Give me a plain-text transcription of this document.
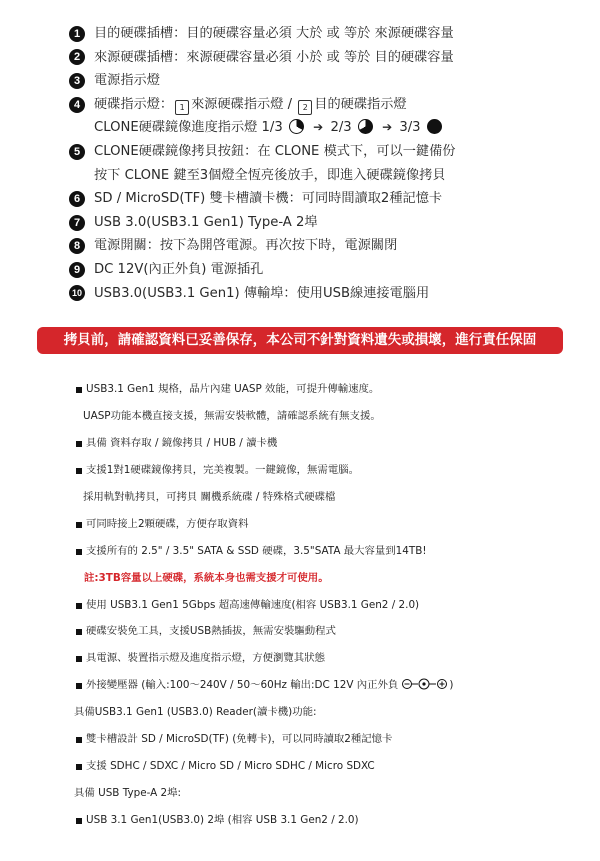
1	目的硬碟插槽：目的硬碟容量必須 大於 或 等於 來源硬碟容量
2	來源硬碟插槽：來源硬碟容量必須 小於 或 等於 目的硬碟容量
3	電源指示燈
4	硬碟指示燈： 1 來源硬碟指示燈 / 2 目的硬碟指示燈
CLONE硬碟鏡像進度指示燈 1/3	➔ 2/3	➔ 3/3
5	CLONE硬碟鏡像拷貝按鈕：在 CLONE 模式下，可以一鍵備份
按下 CLONE 鍵至3個燈全恆亮後放手，即進入硬碟鏡像拷貝
6	SD / MicroSD(TF) 雙卡槽讀卡機：可同時間讀取2種記憶卡
7	USB 3.0(USB3.1 Gen1) Type-A 2埠
8	電源開關：按下為開啓電源。再次按下時，電源關閉
9	DC 12V(內正外負) 電源插孔
10 USB3.0(USB3.1 Gen1) 傳輸埠：使用USB線連接電腦用
拷貝前，請確認資料已妥善保存，本公司不針對資料遺失或損壞，進行責任保固
USB3.1 Gen1 規格，晶片內建 UASP 效能，可提升傳輸速度。
UASP功能本機直接支援，無需安裝軟體，請確認系統有無支援。
具備 資料存取 / 鏡像拷貝 / HUB / 讀卡機
支援1對1硬碟鏡像拷貝，完美複製。一鍵鏡像，無需電腦。
採用軌對軌拷貝，可拷貝 關機系統碟 / 特殊格式硬碟檔
可同時接上2顆硬碟，方便存取資料
支援所有的 2.5" / 3.5" SATA & SSD 硬碟，3.5"SATA 最大容量到14TB!
註:3TB容量以上硬碟，系統本身也需支援才可使用。
使用 USB3.1 Gen1 5Gbps 超高速傳輸速度(相容 USB3.1 Gen2 / 2.0)
硬碟安裝免工具，支援USB熱插拔，無需安裝驅動程式
具電源、裝置指示燈及進度指示燈，方便瀏覽其狀態
外接變壓器 (輸入:100～240V / 50～60Hz 輸出:DC 12V 內正外負	)
具備USB3.1 Gen1 (USB3.0) Reader(讀卡機)功能:
雙卡槽設計 SD / MicroSD(TF) (免轉卡)，可以同時讀取2種記憶卡
支援 SDHC / SDXC / Micro SD / Micro SDHC / Micro SDXC
具備 USB Type-A 2埠:
USB 3.1 Gen1(USB3.0) 2埠 (相容 USB 3.1 Gen2 / 2.0)
